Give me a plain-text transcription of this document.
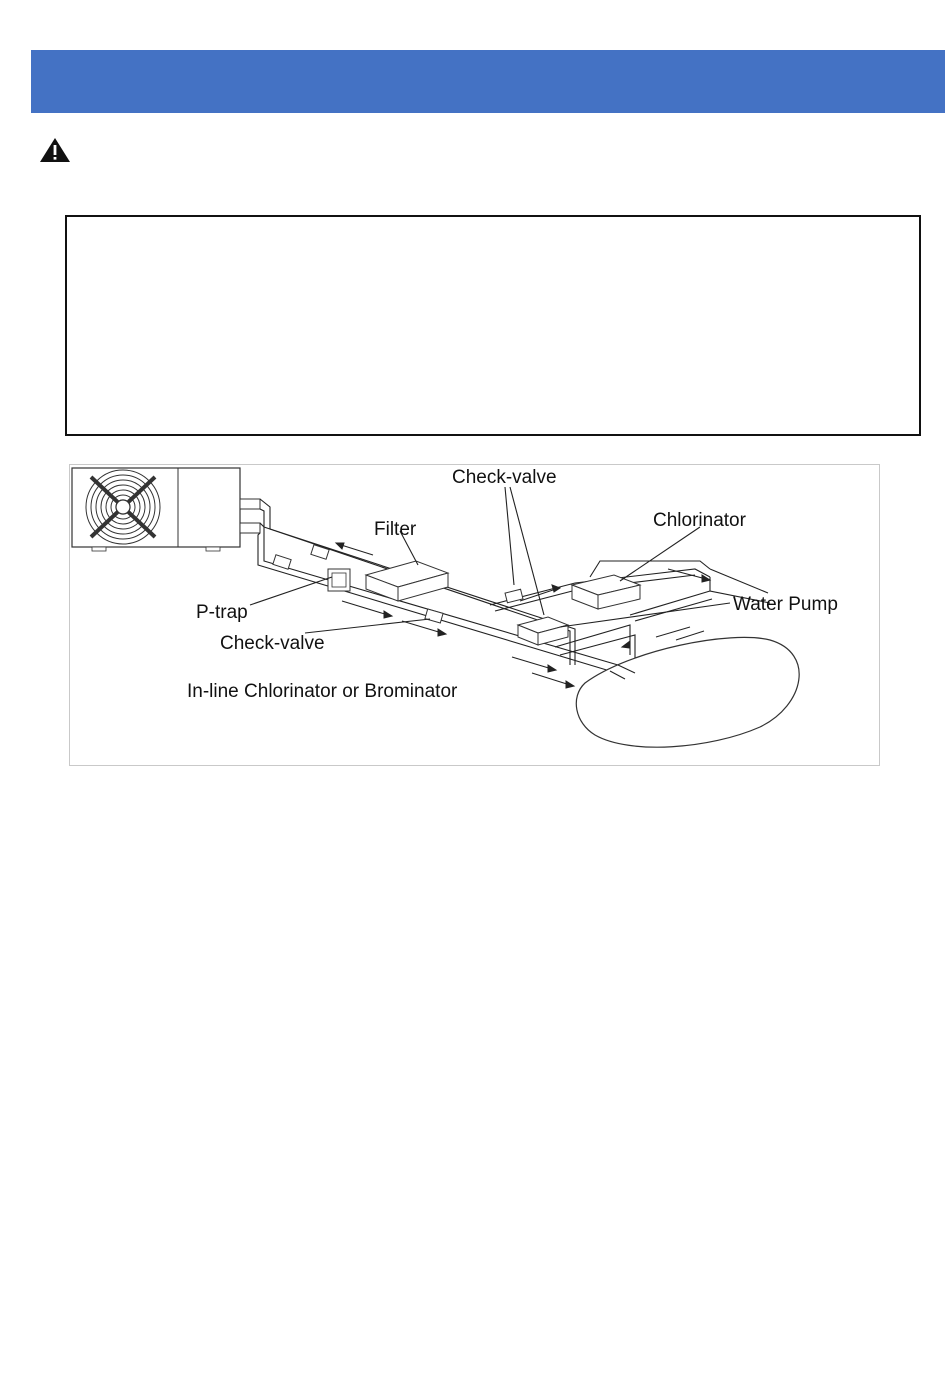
Check-valve
Filter	Chlorinator
Water Pump
P-trap
Check-valve
In-line Chlorinator or Brominator
